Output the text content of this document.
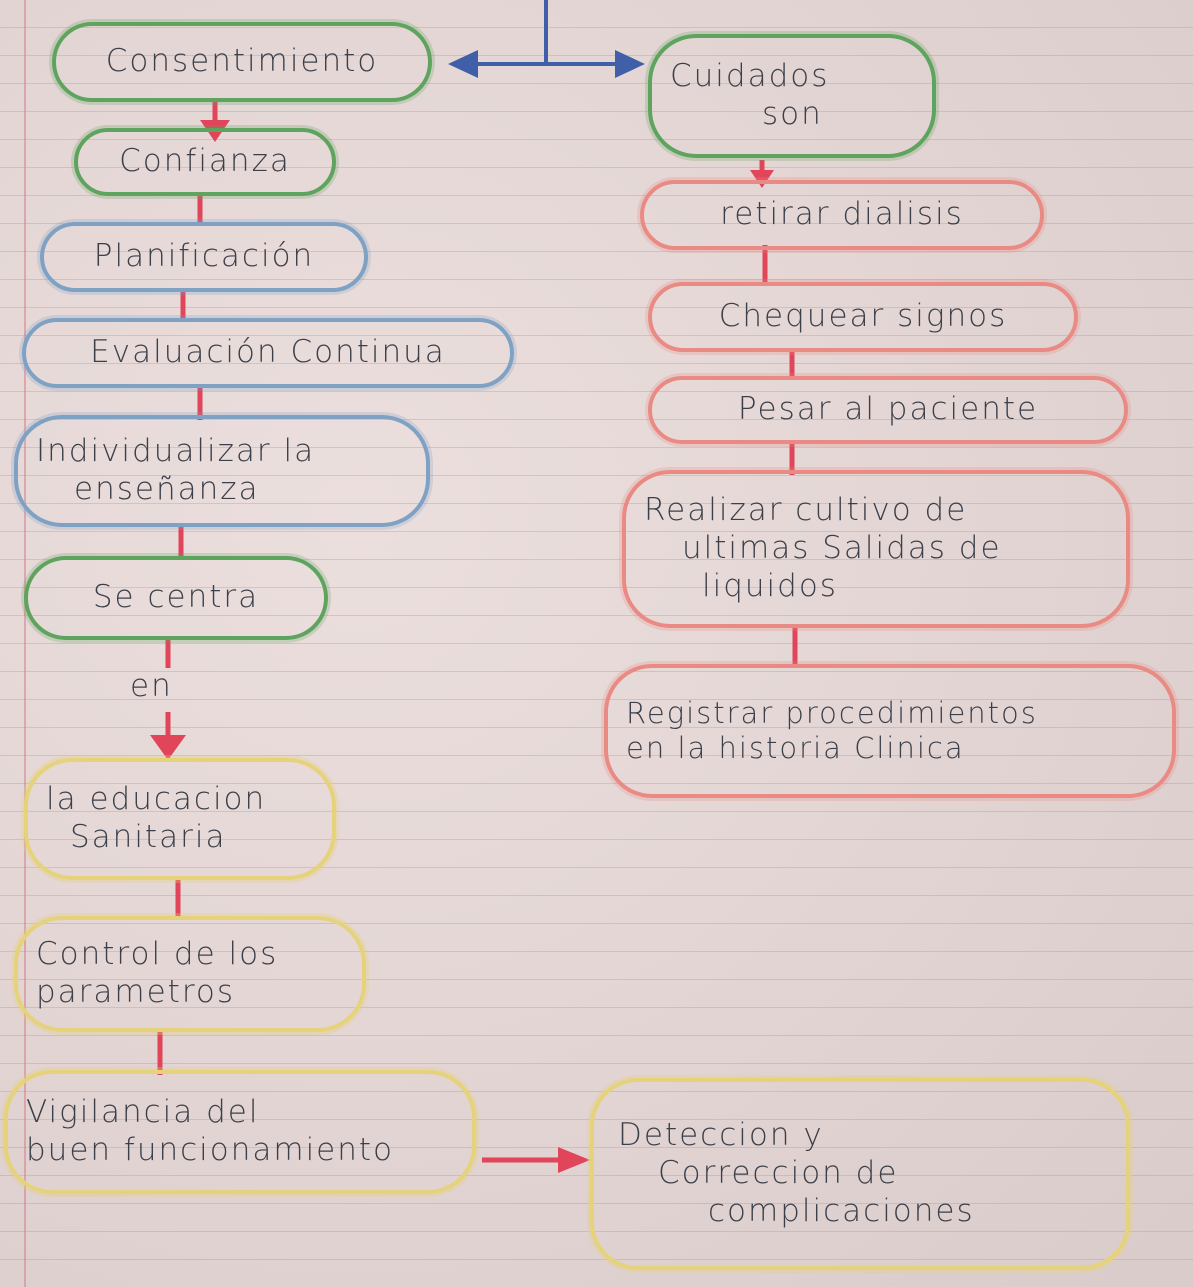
Consentimiento
Confianza
Planificación
Evaluación Continua
Individualizar la
enseñanza
Se centra
en
la educacion
Sanitaria
Control de los
parametros
Vigilancia del
buen funcionamiento	Deteccion y
Correccion de
complicaciones
Cuidados
son
retirar dialisis
Chequear signos
Pesar al paciente
Realizar cultivo de
ultimas Salidas de
liquidos
Registrar procedimientos
en la historia Clinica
